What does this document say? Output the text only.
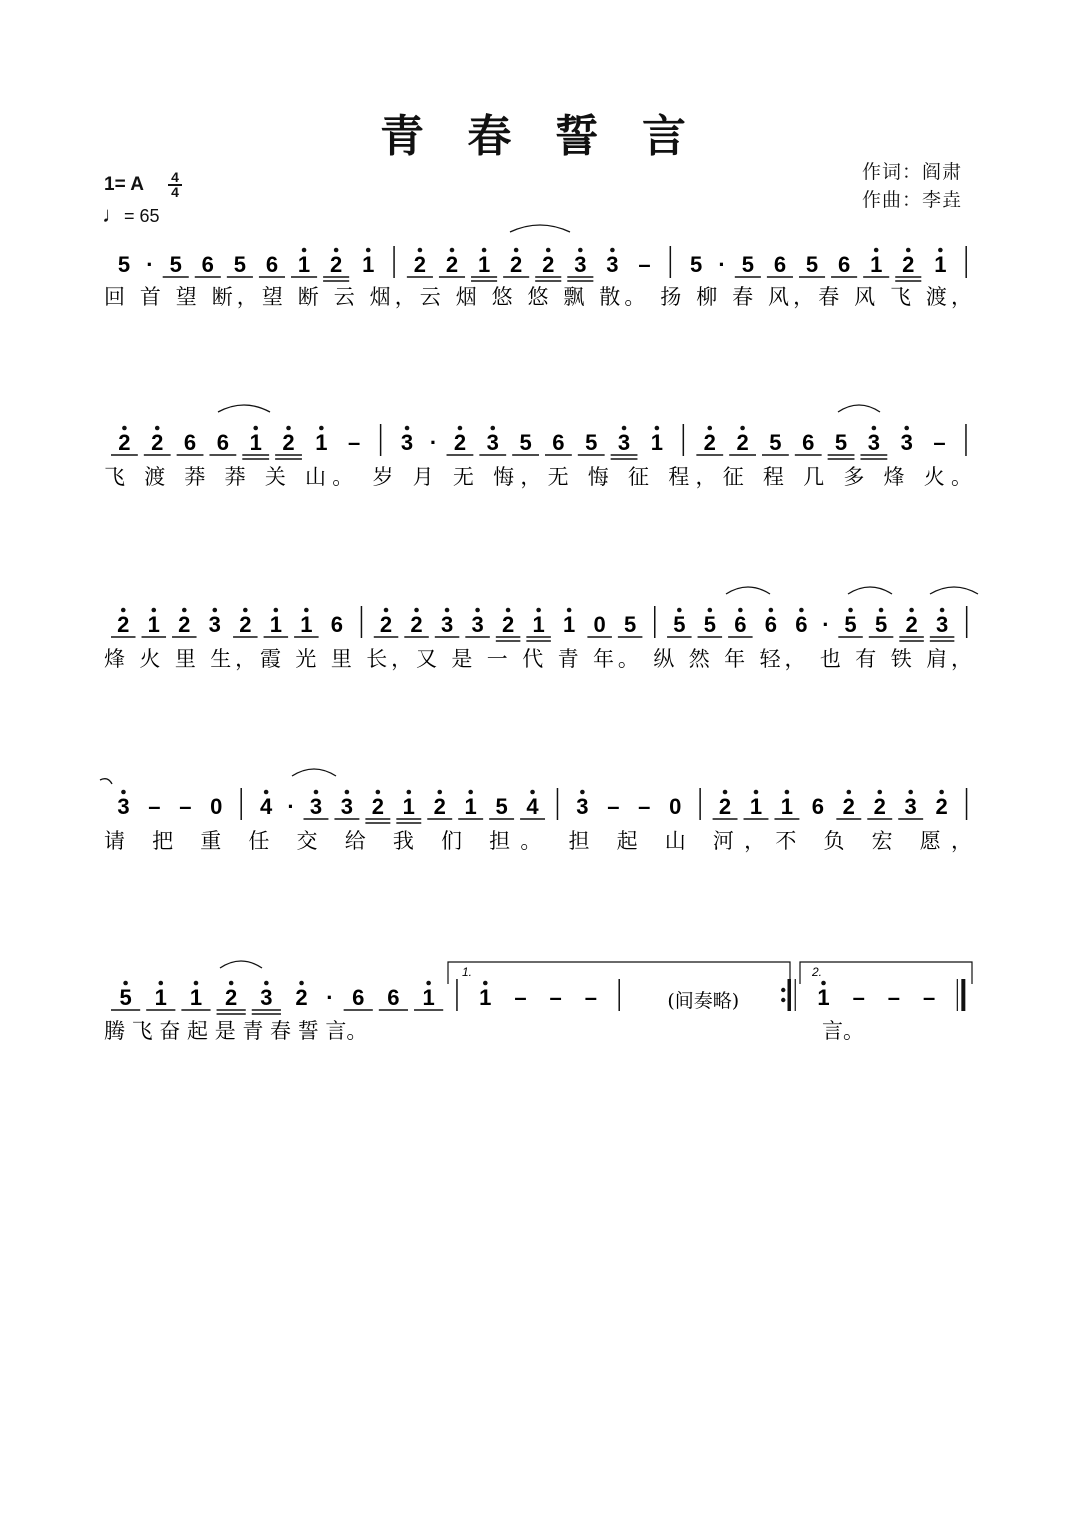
青 春 誓 言
作词：阎肃
作曲：李垚
1= A 4
4
♩= 65
5 · 5 6 5 6 1 2 1 2 2 1 2 2 3 3 – 5 · 5 6 5 6 1 2 1
回 首 望 断，望 断 云 烟，云 烟 悠 悠 飘 散。 扬 柳 春 风，春 风 飞 渡，
2 2 6 6 1 2 1 – 3 · 2 3 5 6 5 3 1 2 2 5 6 5 3 3 –
飞 渡 莽 莽 关 山。 岁 月 无 悔，无 悔 征 程，征 程 几 多 烽 火。
2 1 2 3 2 1 1 6 2 2 3 3 2 1 1 0 5 5 5 6 6 6 · 5 5 2 3
烽 火 里 生，霞 光 里 长，又 是 一 代 青 年。 纵 然 年 轻， 也 有 铁 肩，
3 – – 0 4 · 3 3 2 1 2 1 5 4 3 – – 0 2 1 1 6 2 2 3 2
请 把 重 任 交 给 我 们 担。 担 起 山 河，不 负 宏 愿，
5 1 1 2 3 2 · 6 6 1 1 – – –	(间奏略)	1 – – –
腾 飞 奋 起 是 青 春 誓 言。	言。
1.	2.
